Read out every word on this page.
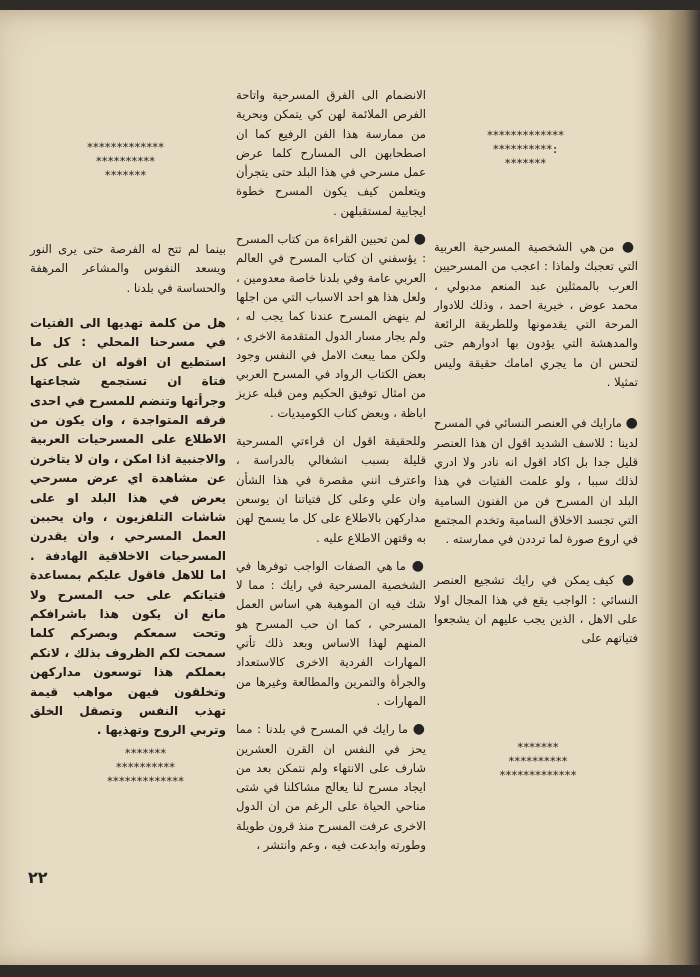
*************
**********:
*******
*************
**********
*******

● من هي الشخصية المسرحية العربية التي تعجبك ولماذا : اعجب من المسرحيين العرب بالممثلين عبد المنعم مدبولي ، محمد عوض ، خيرية احمد ، وذلك للادوار المرحة التي يقدمونها وللطريقة الرائعة والمدهشة التي يؤدون بها ادوارهم حتى لتحس ان ما يجري امامك حقيقة وليس تمثيلا .

● مارايك في العنصر النسائي في المسرح لدينا : للاسف الشديد اقول ان هذا العنصر قليل جدا بل اكاد اقول انه نادر ولا ادري لذلك سببا ، ولو علمت الفتيات في هذا البلد ان المسرح فن من الفنون السامية التي تجسد الاخلاق السامية وتخدم المجتمع في اروع صورة لما ترددن في ممارسته .

● كيف يمكن في رايك تشجيع العنصر النسائي : الواجب يقع في هذا المجال اولا على الاهل ، الذين يجب عليهم ان يشجعوا فتياتهم على

الانضمام الى الفرق المسرحية واتاحة الفرص الملائمة لهن كي يتمكن وبحرية من ممارسة هذا الفن الرفيع كما ان اصطحابهن الى المسارح كلما عرض عمل مسرحي في هذا البلد حتى يتجرأن ويتعلمن كيف يكون المسرح خطوة ايجابية لمستقبلهن .

● لمن تحبين القراءة من كتاب المسرح : يؤسفني ان كتاب المسرح في العالم العربي عامة وفي بلدنا خاصة معدومين ، ولعل هذا هو احد الاسباب التي من اجلها لم ينهض المسرح عندنا كما يجب له ، ولم يجار مسار الدول المتقدمة الاخرى ، ولكن مما يبعث الامل في النفس وجود بعض الكتاب الرواد في المسرح العربي من امثال توفيق الحكيم ومن قبله عزيز اباظة ، وبعض كتاب الكوميديات .

وللحقيقة اقول ان قراءتي المسرحية قليلة بسبب انشغالي بالدراسة ، واعترف انني مقصرة في هذا الشأن وان علي وعلى كل فتياتنا ان يوسعن مداركهن بالاطلاع على كل ما يسمح لهن به وقتهن الاطلاع عليه .

● ما هي الصفات الواجب توفرها في الشخصية المسرحية في رايك : مما لا شك فيه ان الموهبة هي اساس العمل المسرحي ، كما ان حب المسرح هو المنهم لهذا الاساس وبعد ذلك تأتي المهارات الفردية الاخرى كالاستعداد والجرأة والتمرين والمطالعة وغيرها من المهارات .

● ما رايك في المسرح في بلدنا : مما يحز في النفس ان القرن العشرين شارف على الانتهاء ولم نتمكن بعد من ايجاد مسرح لنا يعالج مشاكلنا في شتى مناحي الحياة على الرغم من ان الدول الاخرى عرفت المسرح منذ قرون طويلة وطورته وابدعت فيه ، وعم وانتشر ،

بينما لم تتح له الفرصة حتى يرى النور ويسعد النفوس والمشاعر المرهفة والحساسة في بلدنا .

هل من كلمة تهديها الى الفتيات في مسرحنا المحلي : كل ما استطيع ان اقوله ان على كل فتاة ان تستجمع شجاعتها وجرأتها وتنضم للمسرح في احدى فرقه المتواجدة ، وان يكون من الاطلاع على المسرحيات العربية والاجنبية اذا امكن ، وان لا يتاخرن عن مشاهدة اي عرض مسرحي يعرض في هذا البلد او على شاشات التلفزيون ، وان يحببن العمل المسرحي ، وان يقدرن المسرحيات الاخلاقية الهادفة . اما للاهل فاقول عليكم بمساعدة فتياتكم على حب المسرح ولا مانع ان يكون هذا باشرافكم وتحت سمعكم وبصركم كلما سمحت لكم الظروف بذلك ، لانكم بعملكم هذا توسعون مداركهن وتخلقون فيهن مواهب قيمة تهذب النفس وتصقل الخلق وتربي الروح وتهذيها .

*******
**********
*************
*******
**********
*************
٢٢
